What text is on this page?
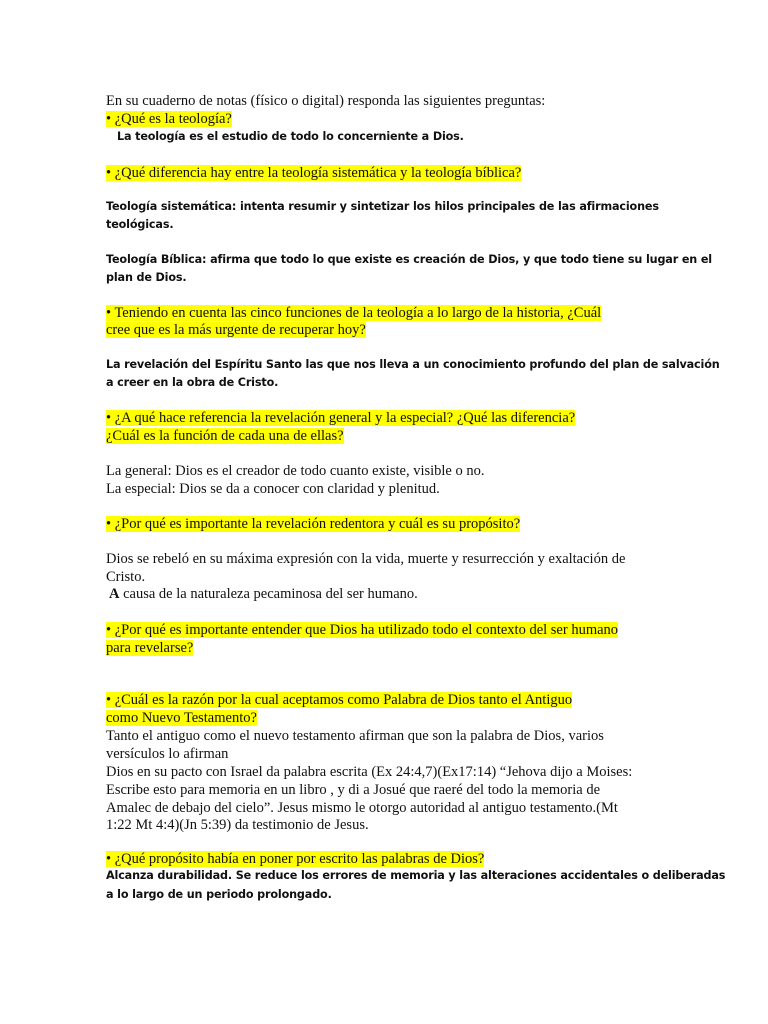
En su cuaderno de notas (físico o digital) responda las siguientes preguntas:
• ¿Qué es la teología?
La teología es el estudio de todo lo concerniente a Dios.
• ¿Qué diferencia hay entre la teología sistemática y la teología bíblica?
Teología sistemática: intenta resumir y sintetizar los hilos principales de las afirmaciones
teológicas.
Teología Bíblica: afirma que todo lo que existe es creación de Dios, y que todo tiene su lugar en el
plan de Dios.
• Teniendo en cuenta las cinco funciones de la teología a lo largo de la historia, ¿Cuál
cree que es la más urgente de recuperar hoy?
La revelación del Espíritu Santo las que nos lleva a un conocimiento profundo del plan de salvación
a creer en la obra de Cristo.
• ¿A qué hace referencia la revelación general y la especial? ¿Qué las diferencia?
¿Cuál es la función de cada una de ellas?
La general: Dios es el creador de todo cuanto existe, visible o no.
La especial: Dios se da a conocer con claridad y plenitud.
• ¿Por qué es importante la revelación redentora y cuál es su propósito?
Dios se rebeló en su máxima expresión con la vida, muerte y resurrección y exaltación de
Cristo.
A causa de la naturaleza pecaminosa del ser humano.
• ¿Por qué es importante entender que Dios ha utilizado todo el contexto del ser humano
para revelarse?
• ¿Cuál es la razón por la cual aceptamos como Palabra de Dios tanto el Antiguo
como Nuevo Testamento?
Tanto el antiguo como el nuevo testamento afirman que son la palabra de Dios, varios
versículos lo afirman
Dios en su pacto con Israel da palabra escrita (Ex 24:4,7)(Ex17:14) “Jehova dijo a Moises:
Escribe esto para memoria en un libro , y di a Josué que raeré del todo la memoria de
Amalec de debajo del cielo”. Jesus mismo le otorgo autoridad al antiguo testamento.(Mt
1:22 Mt 4:4)(Jn 5:39) da testimonio de Jesus.
• ¿Qué propósito había en poner por escrito las palabras de Dios?
Alcanza durabilidad. Se reduce los errores de memoria y las alteraciones accidentales o deliberadas
a lo largo de un periodo prolongado.
